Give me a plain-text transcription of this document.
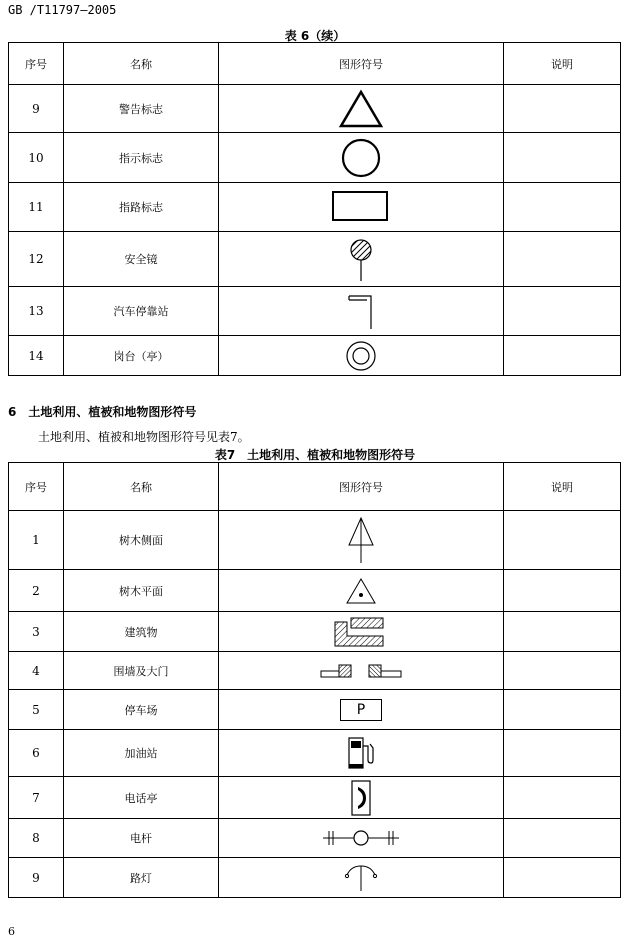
GB /T11797—2005
表 6（续）
序号	名称	图形符号	说明
9	警告标志	

10	指示标志	

11	指路标志	

12	安全镜	

13	汽车停靠站	

14	岗台（亭）	

6　土地利用、植被和地物图形符号
土地利用、植被和地物图形符号见表7。
表7　土地利用、植被和地物图形符号
序号	名称	图形符号	说明
1	树木侧面	

2	树木平面	

3	建筑物	

4	围墙及大门	

5	停车场	P	

6	加油站	

7	电话亭	

8	电杆	

9	路灯	

6
